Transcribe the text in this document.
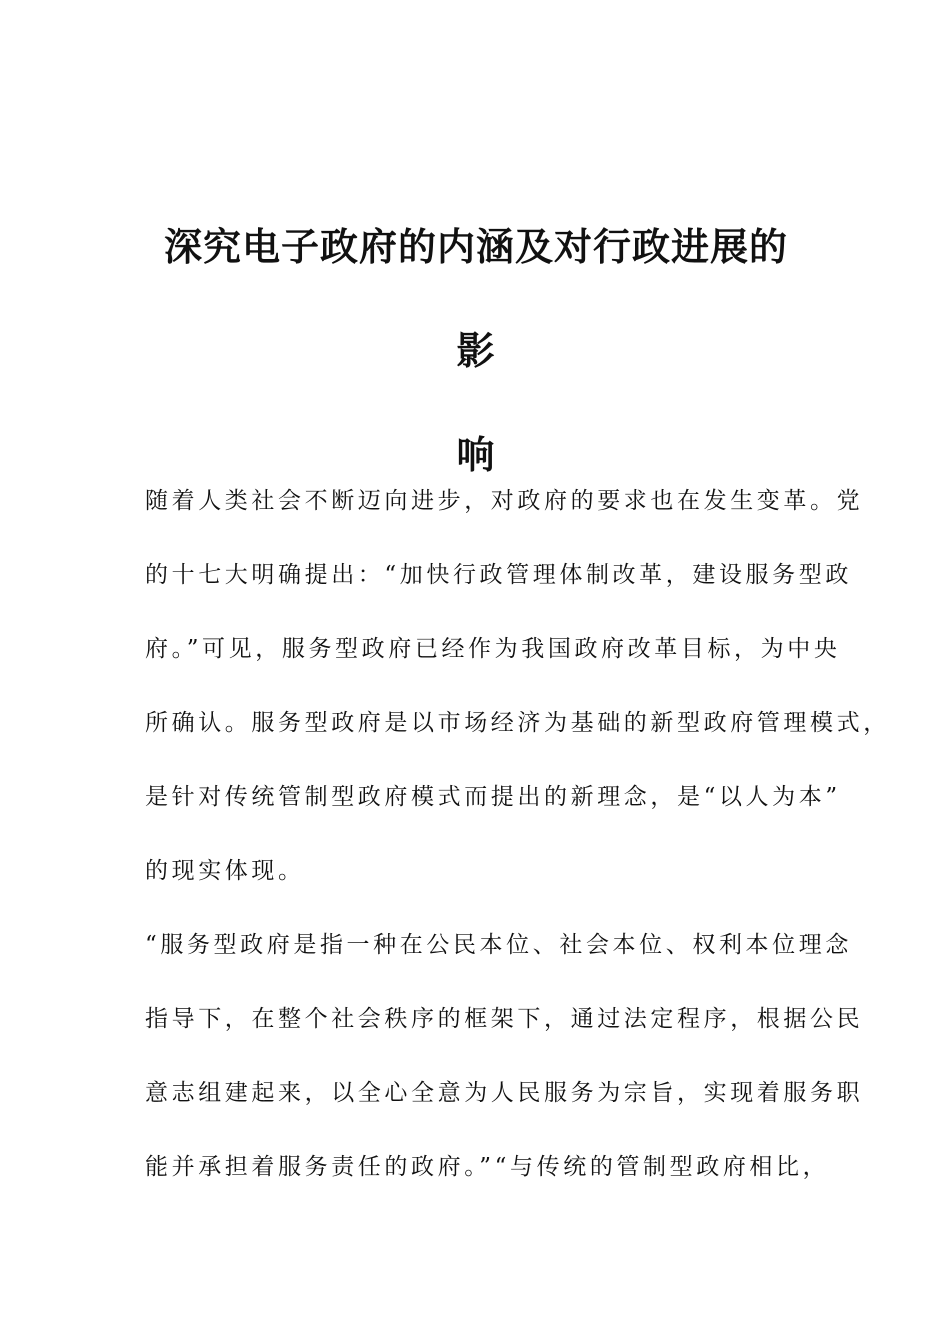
深究电子政府的内涵及对行政进展的影
响

随着人类社会不断迈向进步，对政府的要求也在发生变革。党
的十七大明确提出：“加快行政管理体制改革，建设服务型政
府。”可见，服务型政府已经作为我国政府改革目标，为中央
所确认。服务型政府是以市场经济为基础的新型政府管理模式，
是针对传统管制型政府模式而提出的新理念，是“以人为本”
的现实体现。

“服务型政府是指一种在公民本位、社会本位、权利本位理念
指导下，在整个社会秩序的框架下，通过法定程序，根据公民
意志组建起来，以全心全意为人民服务为宗旨，实现着服务职
能并承担着服务责任的政府。”“与传统的管制型政府相比，
